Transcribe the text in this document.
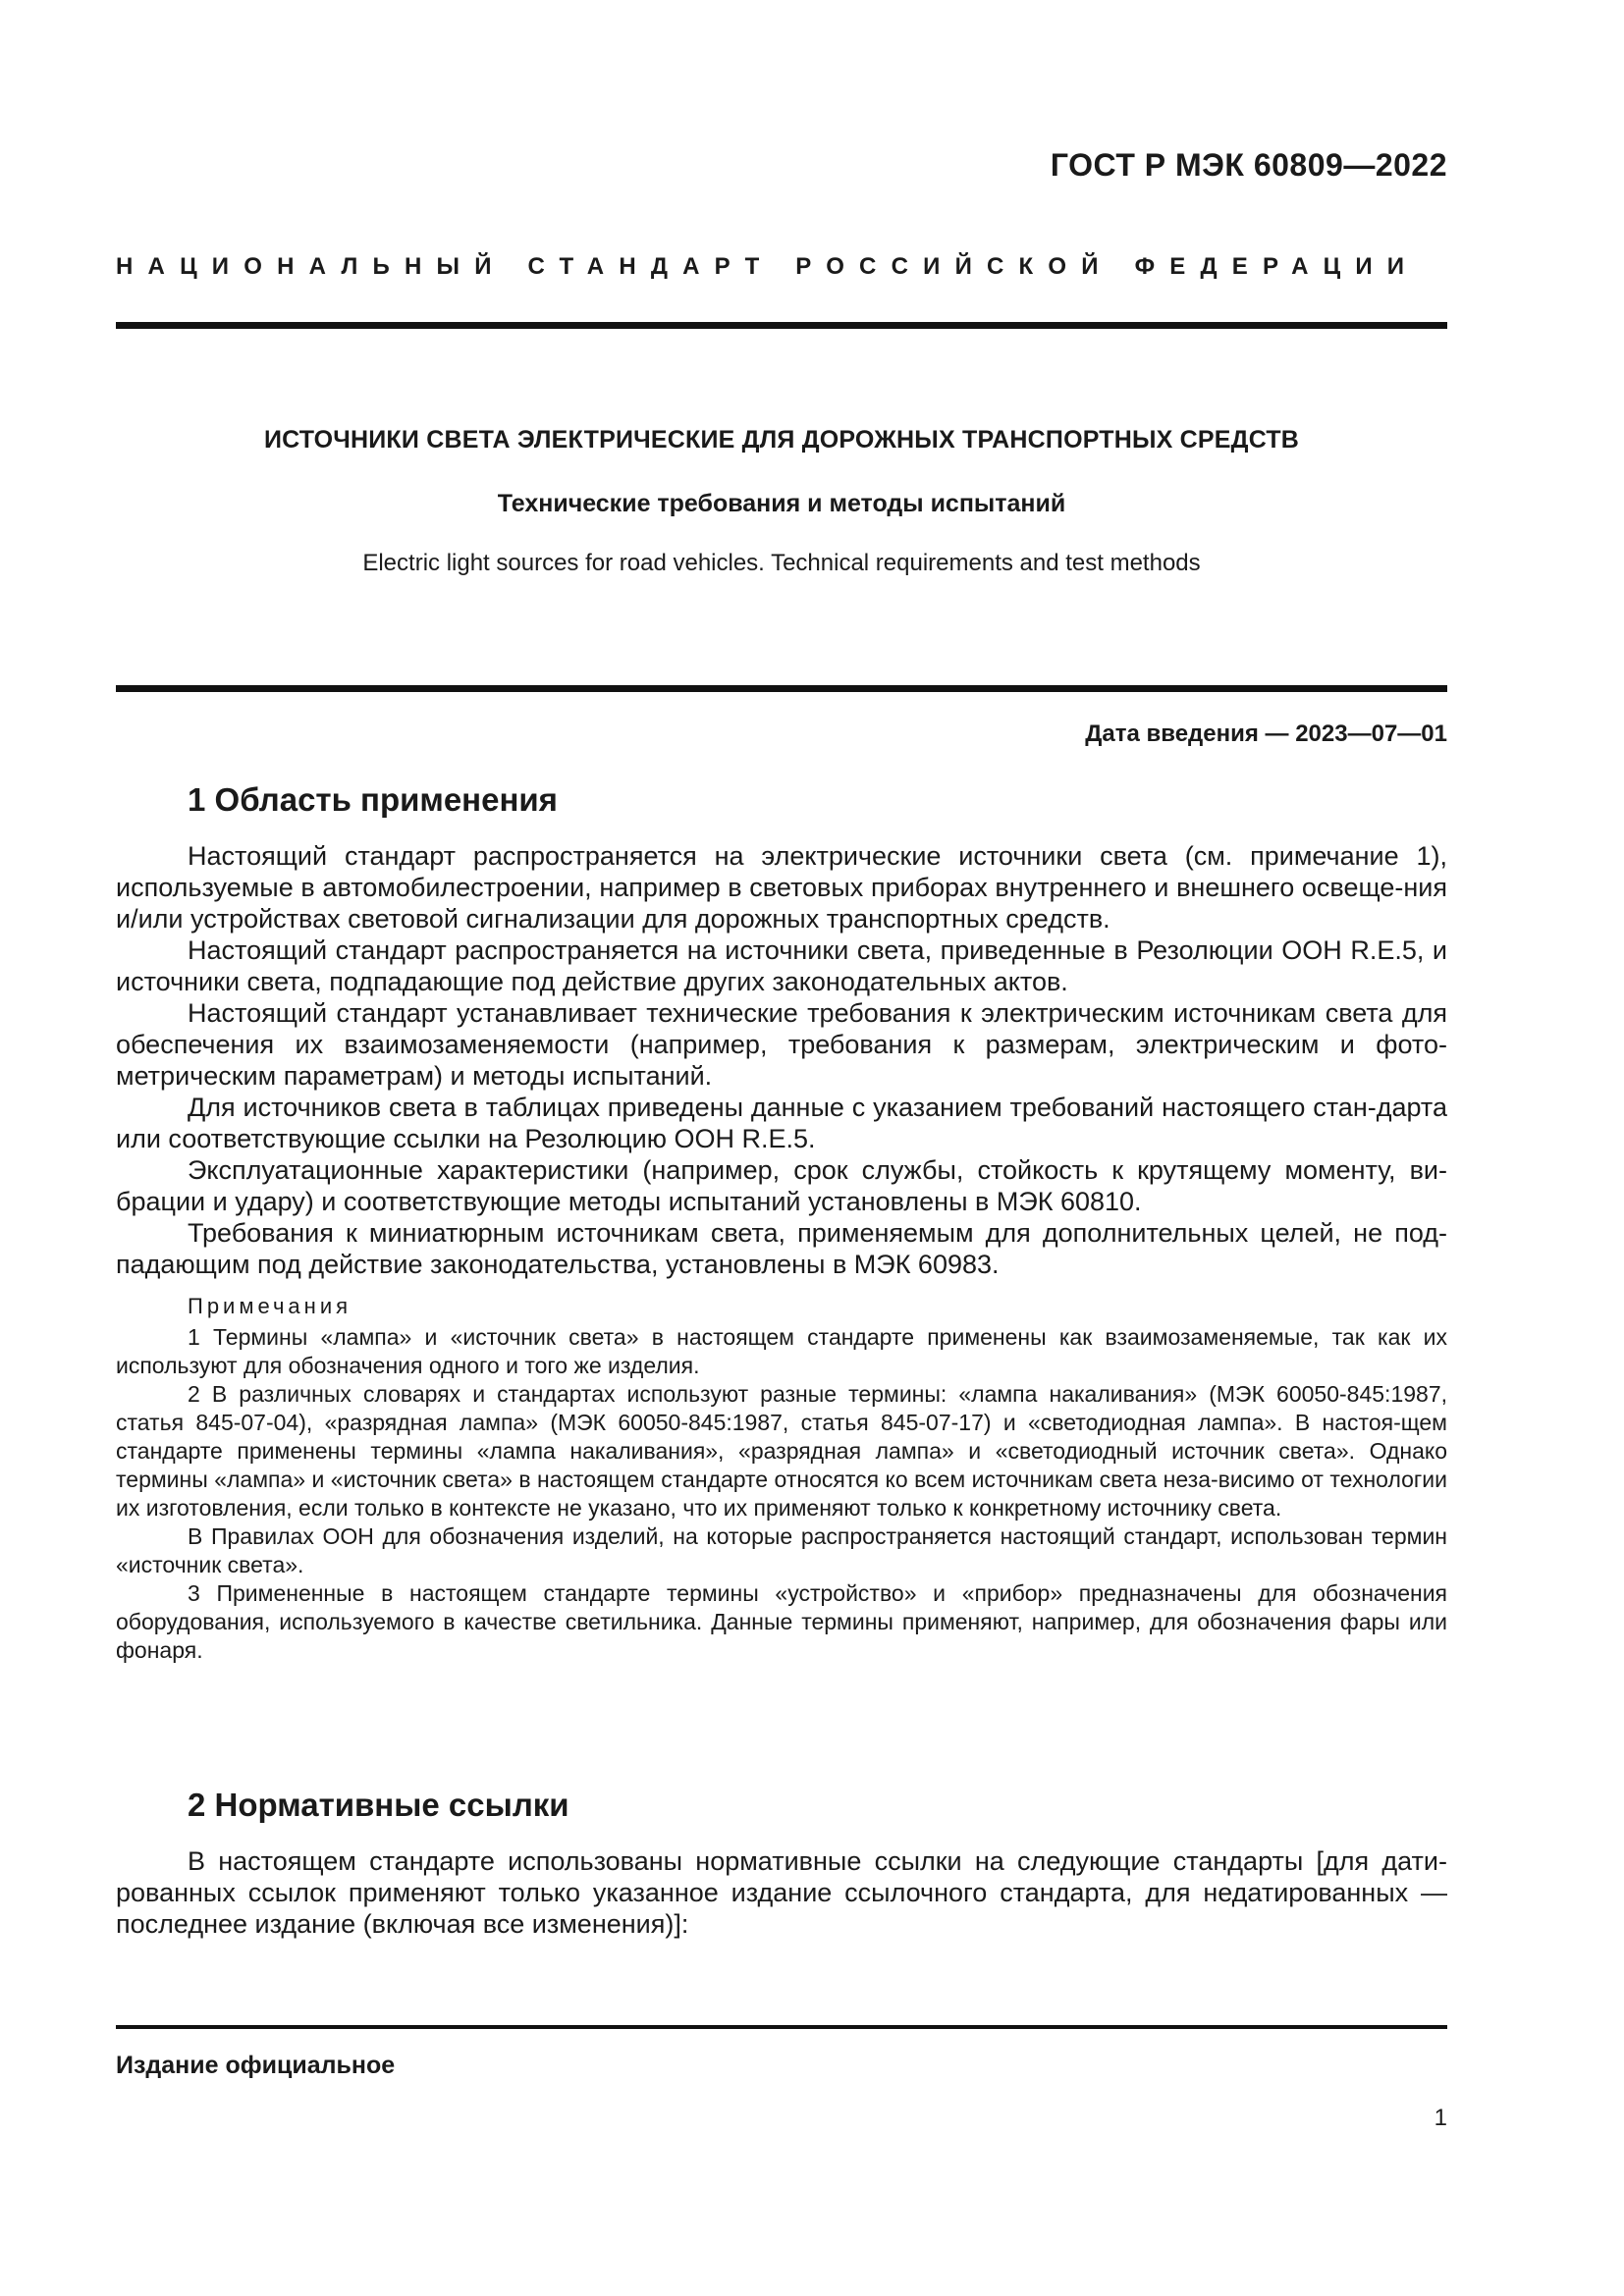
ГОСТ Р МЭК 60809—2022
НАЦИОНАЛЬНЫЙ СТАНДАРТ РОССИЙСКОЙ ФЕДЕРАЦИИ

ИСТОЧНИКИ СВЕТА ЭЛЕКТРИЧЕСКИЕ ДЛЯ ДОРОЖНЫХ ТРАНСПОРТНЫХ СРЕДСТВ

Технические требования и методы испытаний

Electric light sources for road vehicles. Technical requirements and test methods

Дата введения — 2023—07—01
1 Область применения

Настоящий стандарт распространяется на электрические источники света (см. примечание 1), используемые в автомобилестроении, например в световых приборах внутреннего и внешнего освеще-ния и/или устройствах световой сигнализации для дорожных транспортных средств.

Настоящий стандарт распространяется на источники света, приведенные в Резолюции ООН R.E.5, и источники света, подпадающие под действие других законодательных актов.

Настоящий стандарт устанавливает технические требования к электрическим источникам света для обеспечения их взаимозаменяемости (например, требования к размерам, электрическим и фото-метрическим параметрам) и методы испытаний.

Для источников света в таблицах приведены данные с указанием требований настоящего стан-дарта или соответствующие ссылки на Резолюцию ООН R.E.5.

Эксплуатационные характеристики (например, срок службы, стойкость к крутящему моменту, ви-брации и удару) и соответствующие методы испытаний установлены в МЭК 60810.

Требования к миниатюрным источникам света, применяемым для дополнительных целей, не под-падающим под действие законодательства, установлены в МЭК 60983.

Примечания

1 Термины «лампа» и «источник света» в настоящем стандарте применены как взаимозаменяемые, так как их используют для обозначения одного и того же изделия.

2 В различных словарях и стандартах используют разные термины: «лампа накаливания» (МЭК 60050-845:1987, статья 845-07-04), «разрядная лампа» (МЭК 60050-845:1987, статья 845-07-17) и «светодиодная лампа». В настоя-щем стандарте применены термины «лампа накаливания», «разрядная лампа» и «светодиодный источник света». Однако термины «лампа» и «источник света» в настоящем стандарте относятся ко всем источникам света неза-висимо от технологии их изготовления, если только в контексте не указано, что их применяют только к конкретному источнику света.

В Правилах ООН для обозначения изделий, на которые распространяется настоящий стандарт, использован термин «источник света».

3 Примененные в настоящем стандарте термины «устройство» и «прибор» предназначены для обозначения оборудования, используемого в качестве светильника. Данные термины применяют, например, для обозначения фары или фонаря.

2 Нормативные ссылки

В настоящем стандарте использованы нормативные ссылки на следующие стандарты [для дати-рованных ссылок применяют только указанное издание ссылочного стандарта, для недатированных — последнее издание (включая все изменения)]:

Издание официальное
1
